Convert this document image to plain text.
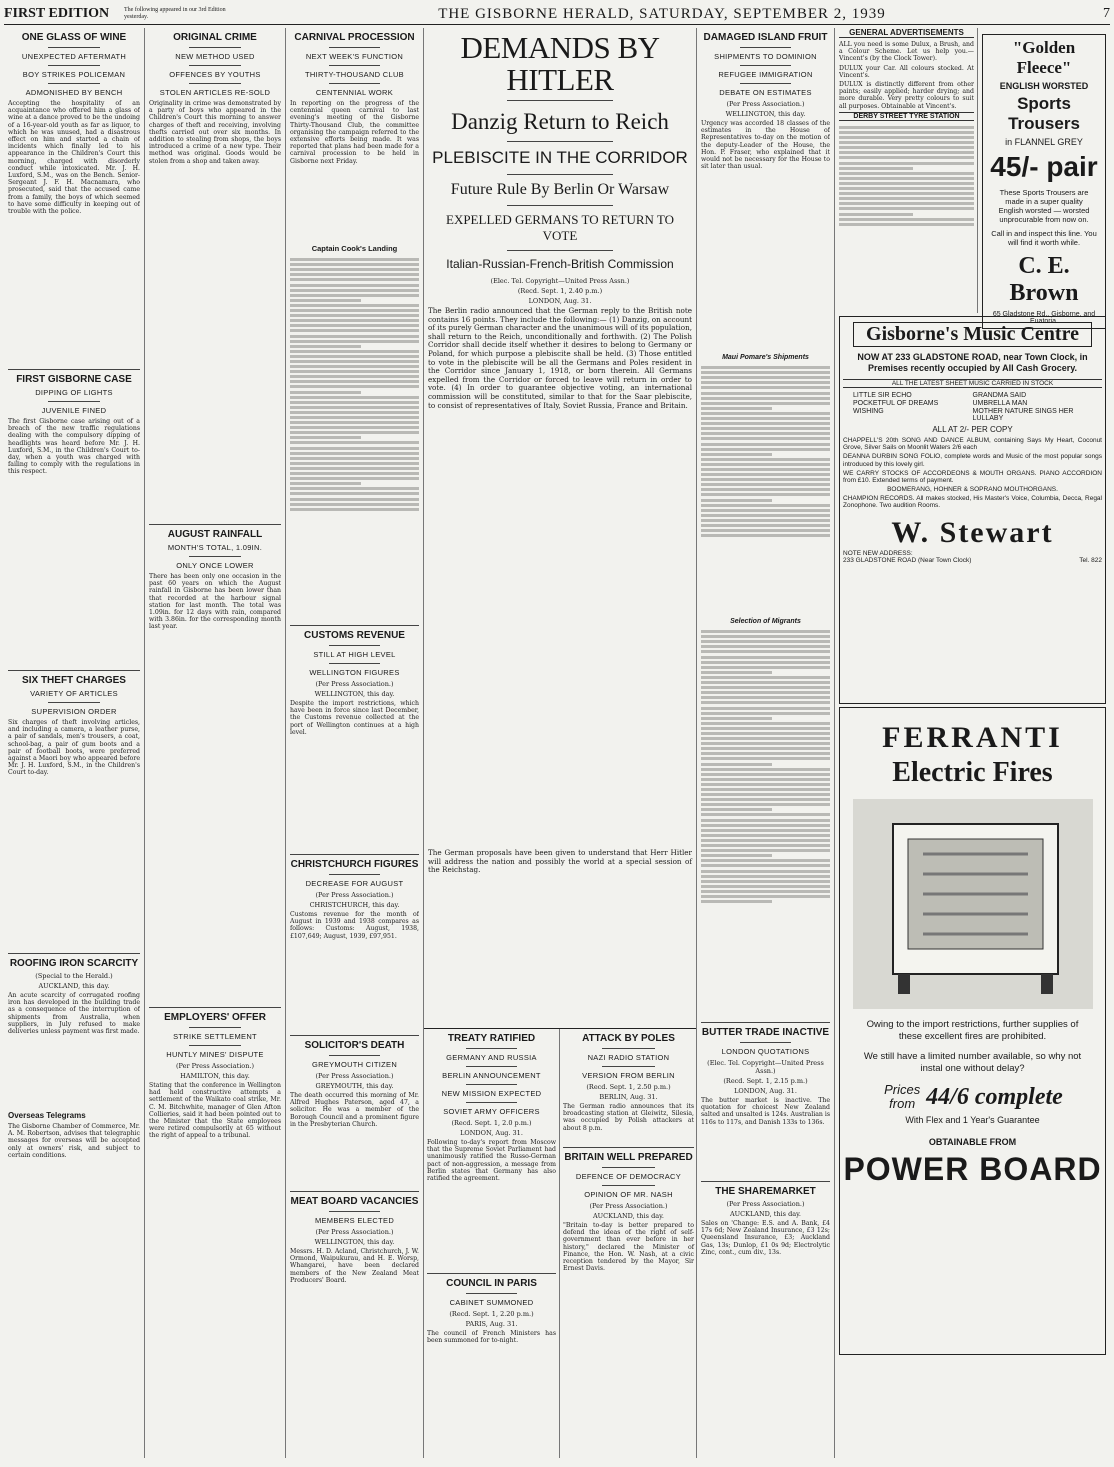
FIRST EDITION	The following appeared in our 3rd Edition yesterday.	THE GISBORNE HERALD, SATURDAY, SEPTEMBER 2, 1939	7
ONE GLASS OF WINE
UNEXPECTED AFTERMATH
BOY STRIKES POLICEMAN
ADMONISHED BY BENCH
Accepting the hospitality of an acquaintance who offered him a glass of wine at a dance proved to be the undoing of a 16-year-old youth as far as liquor, to which he was unused, had a disastrous effect on him and started a chain of incidents which finally led to his appearance in the Children's Court this morning, charged with disorderly conduct while intoxicated. Mr. J. H. Luxford, S.M., was on the Bench. Senior-Sergeant J. F. H. Macnamara, who prosecuted, said that the accused came from a family, the boys of which seemed to have some difficulty in keeping out of trouble with the police.
FIRST GISBORNE CASE
DIPPING OF LIGHTS
JUVENILE FINED
The first Gisborne case arising out of a breach of the new traffic regulations dealing with the compulsory dipping of headlights was heard before Mr. J. H. Luxford, S.M., in the Children's Court to-day, when a youth was charged with failing to comply with the regulations in this respect.
SIX THEFT CHARGES
VARIETY OF ARTICLES
SUPERVISION ORDER
Six charges of theft involving articles, and including a camera, a leather purse, a pair of sandals, men's trousers, a coat, school-bag, a pair of gum boots and a pair of football boots, were preferred against a Maori boy who appeared before Mr. J. H. Luxford, S.M., in the Children's Court to-day.
ROOFING IRON SCARCITY
(Special to the Herald.)
AUCKLAND, this day.
An acute scarcity of corrugated roofing iron has developed in the building trade as a consequence of the interruption of shipments from Australia, when suppliers, in July refused to make deliveries unless payment was first made.
Overseas Telegrams
The Gisborne Chamber of Commerce, Mr. A. M. Robertson, advises that telegraphic messages for overseas will be accepted only at owners' risk, and subject to certain conditions.
ORIGINAL CRIME
NEW METHOD USED
OFFENCES BY YOUTHS
STOLEN ARTICLES RE-SOLD
Originality in crime was demonstrated by a party of boys who appeared in the Children's Court this morning to answer charges of theft and receiving, involving thefts carried out over six months. In addition to stealing from shops, the boys introduced a crime of a new type. Their method was original. Goods would be stolen from a shop and taken away.
AUGUST RAINFALL
MONTH'S TOTAL, 1.09IN.
ONLY ONCE LOWER
There has been only one occasion in the past 60 years on which the August rainfall in Gisborne has been lower than that recorded at the harbour signal station for last month. The total was 1.09in. for 12 days with rain, compared with 3.86in. for the corresponding month last year.
EMPLOYERS' OFFER
STRIKE SETTLEMENT
HUNTLY MINES' DISPUTE
(Per Press Association.)
HAMILTON, this day.
Stating that the conference in Wellington had held constructive attempts a settlement of the Waikato coal strike, Mr. C. M. Bitchwhite, manager of Glen Afton Collieries, said it had been pointed out to the Minister that the State employees were retired compulsorily at 65 without the right of appeal to a tribunal.
CARNIVAL PROCESSION
NEXT WEEK'S FUNCTION
THIRTY-THOUSAND CLUB
CENTENNIAL WORK
In reporting on the progress of the centennial queen carnival to last evening's meeting of the Gisborne Thirty-Thousand Club, the committee organising the campaign referred to the extensive efforts being made. It was reported that plans had been made for a carnival procession to be held in Gisborne next Friday.
Captain Cook's Landing
CUSTOMS REVENUE
STILL AT HIGH LEVEL
WELLINGTON FIGURES
(Per Press Association.)
WELLINGTON, this day.
Despite the import restrictions, which have been in force since last December, the Customs revenue collected at the port of Wellington continues at a high level.
CHRISTCHURCH FIGURES
DECREASE FOR AUGUST
(Per Press Association.)
CHRISTCHURCH, this day.
Customs revenue for the month of August in 1939 and 1938 compares as follows: Customs: August, 1938, £107,649; August, 1939, £97,951.
SOLICITOR'S DEATH
GREYMOUTH CITIZEN
(Per Press Association.)
GREYMOUTH, this day.
The death occurred this morning of Mr. Alfred Hughes Paterson, aged 47, a solicitor. He was a member of the Borough Council and a prominent figure in the Presbyterian Church.
MEAT BOARD VACANCIES
MEMBERS ELECTED
(Per Press Association.)
WELLINGTON, this day.
Messrs. H. D. Acland, Christchurch, J. W. Ormond, Waipukurau, and H. E. Worsp, Whangarei, have been declared members of the New Zealand Meat Producers' Board.
DEMANDS BY HITLER
Danzig Return to Reich
PLEBISCITE IN THE CORRIDOR
Future Rule By Berlin Or Warsaw
EXPELLED GERMANS TO RETURN TO VOTE
Italian-Russian-French-British Commission
(Elec. Tel. Copyright—United Press Assn.)
(Recd. Sept. 1, 2.40 p.m.)
LONDON, Aug. 31.
The Berlin radio announced that the German reply to the British note contains 16 points. They include the following:— (1) Danzig, on account of its purely German character and the unanimous will of its population, shall return to the Reich, unconditionally and forthwith. (2) The Polish Corridor shall decide itself whether it desires to belong to Germany or Poland, for which purpose a plebiscite shall be held. (3) Those entitled to vote in the plebiscite will be all the Germans and Poles resident in the Corridor since January 1, 1918, or born therein. All Germans expelled from the Corridor or forced to leave will return in order to vote. (4) In order to guarantee objective voting, an international commission will be constituted, similar to that for the Saar plebiscite, to consist of representatives of Italy, Soviet Russia, France and Britain.
The German proposals have been given to understand that Herr Hitler will address the nation and possibly the world at a special session of the Reichstag.
TREATY RATIFIED
GERMANY AND RUSSIA
BERLIN ANNOUNCEMENT
NEW MISSION EXPECTED
SOVIET ARMY OFFICERS
(Recd. Sept. 1, 2.0 p.m.)
LONDON, Aug. 31.
Following to-day's report from Moscow that the Supreme Soviet Parliament had unanimously ratified the Russo-German pact of non-aggression, a message from Berlin states that Germany has also ratified the agreement.
COUNCIL IN PARIS
CABINET SUMMONED
(Recd. Sept. 1, 2.20 p.m.)
PARIS, Aug. 31.
The council of French Ministers has been summoned for to-night.
ATTACK BY POLES
NAZI RADIO STATION
VERSION FROM BERLIN
(Recd. Sept. 1, 2.50 p.m.)
BERLIN, Aug. 31.
The German radio announces that its broadcasting station at Gleiwitz, Silesia, was occupied by Polish attackers at about 8 p.m.
BRITAIN WELL PREPARED
DEFENCE OF DEMOCRACY
OPINION OF MR. NASH
(Per Press Association.)
AUCKLAND, this day.
"Britain to-day is better prepared to defend the ideas of the right of self-government than ever before in her history," declared the Minister of Finance, the Hon. W. Nash, at a civic reception tendered by the Mayor, Sir Ernest Davis.
DAMAGED ISLAND FRUIT
SHIPMENTS TO DOMINION
REFUGEE IMMIGRATION
DEBATE ON ESTIMATES
(Per Press Association.)
WELLINGTON, this day.
Urgency was accorded 18 classes of the estimates in the House of Representatives to-day on the motion of the deputy-Leader of the House, the Hon. P. Fraser, who explained that it would not be necessary for the House to sit later than usual.
Maui Pomare's Shipments
Selection of Migrants
BUTTER TRADE INACTIVE
LONDON QUOTATIONS
(Elec. Tel. Copyright—United Press Assn.)
(Recd. Sept. 1, 2.15 p.m.)
LONDON, Aug. 31.
The butter market is inactive. The quotation for choicest New Zealand salted and unsalted is 124s. Australian is 116s to 117s, and Danish 133s to 136s.
THE SHAREMARKET
(Per Press Association.)
AUCKLAND, this day.
Sales on 'Change: E.S. and A. Bank, £4 17s 6d; New Zealand Insurance, £3 12s; Queensland Insurance, £3; Auckland Gas, 13s; Dunlop, £1 0s 9d; Electrolytic Zinc, cont., cum div., 13s.
GENERAL ADVERTISEMENTS
ALL you need is some Dulux, a Brush, and a Colour Scheme. Let us help you.—Vincent's (by the Clock Tower).
DULUX your Car. All colours stocked. At Vincent's.
DULUX is distinctly different from other paints; easily applied; harder drying; and more durable. Very pretty colours to suit all purposes. Obtainable at Vincent's.
DERBY STREET TYRE STATION
"Golden Fleece"
ENGLISH WORSTED
Sports Trousers
in FLANNEL GREY
45/- pair
These Sports Trousers are made in a super quality English worsted — worsted unprocurable from now on.
Call in and inspect this line. You will find it worth while.
C. E. Brown
65 Gladstone Rd., Gisborne, and Euatoria.
Gisborne's Music Centre
NOW AT 233 GLADSTONE ROAD, near Town Clock, in Premises recently occupied by All Cash Grocery.
ALL THE LATEST SHEET MUSIC CARRIED IN STOCK
LITTLE SIR ECHO	GRANDMA SAID
POCKETFUL OF DREAMS	UMBRELLA MAN
WISHING	MOTHER NATURE SINGS HER LULLABY
ALL AT 2/- PER COPY
CHAPPELL'S 20th SONG AND DANCE ALBUM, containing Says My Heart, Coconut Grove, Silver Sails on Moonlit Waters 2/6 each
DEANNA DURBIN SONG FOLIO, complete words and Music of the most popular songs introduced by this lovely girl.
WE CARRY STOCKS OF ACCORDEONS & MOUTH ORGANS. PIANO ACCORDION from £10. Extended terms of payment.
BOOMERANG, HOHNER & SOPRANO MOUTHORGANS.
CHAMPION RECORDS. All makes stocked, His Master's Voice, Columbia, Decca, Regal Zonophone. Two audition Rooms.
W. Stewart
NOTE NEW ADDRESS:
233 GLADSTONE ROAD (Near Town Clock)	Tel. 822
FERRANTI
Electric Fires
Owing to the import restrictions, further supplies of these excellent fires are prohibited.
We still have a limited number available, so why not instal one without delay?
Prices from 44/6 complete
With Flex and 1 Year's Guarantee
OBTAINABLE FROM
POWER BOARD
